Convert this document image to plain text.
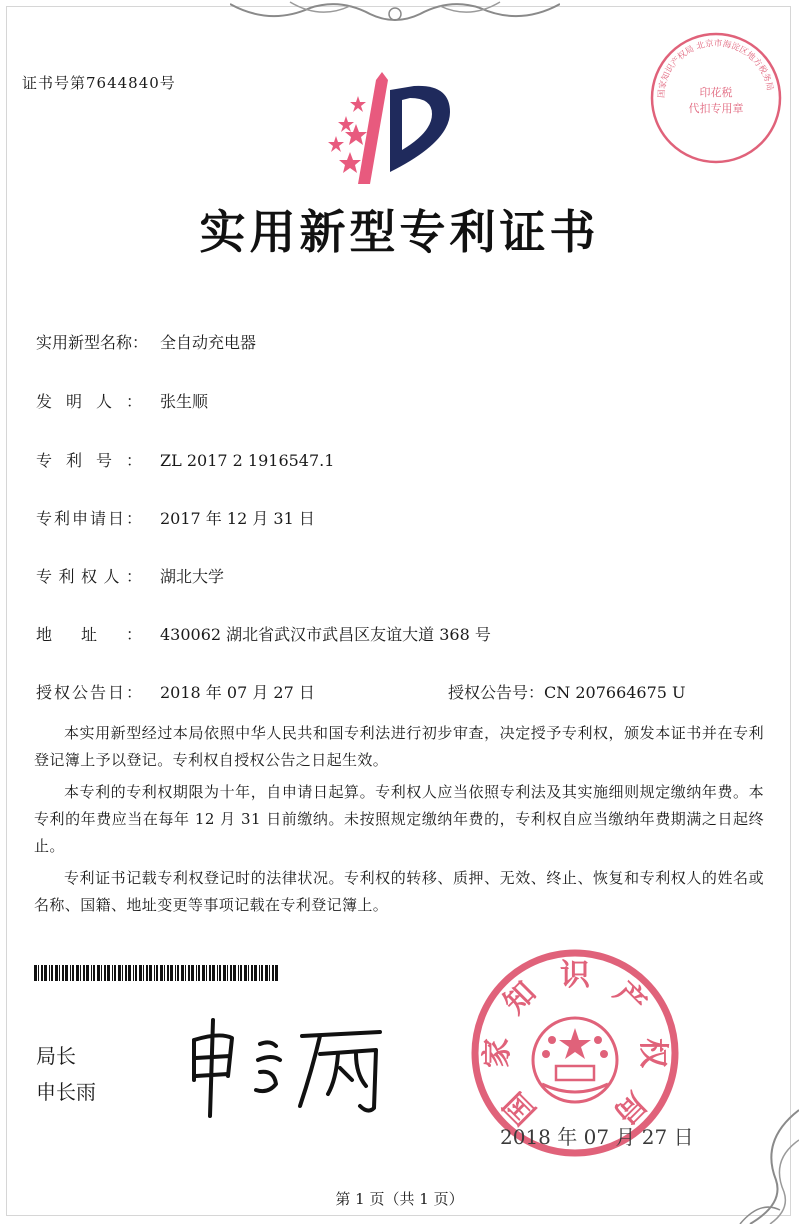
证书号第7644840号
国家知识产权局 北京市海淀区地方税务局
印花税
代扣专用章
实用新型专利证书
实用新型名称： 全自动充电器
发明人： 张生顺
专利号： ZL 2017 2 1916547.1
专利申请日： 2017 年 12 月 31 日
专利权人： 湖北大学
地址： 430062 湖北省武汉市武昌区友谊大道 368 号
授权公告日： 2018 年 07 月 27 日	授权公告号：CN 207664675 U

本实用新型经过本局依照中华人民共和国专利法进行初步审查，决定授予专利权，颁发本证书并在专利登记簿上予以登记。专利权自授权公告之日起生效。

本专利的专利权期限为十年，自申请日起算。专利权人应当依照专利法及其实施细则规定缴纳年费。本专利的年费应当在每年 12 月 31 日前缴纳。未按照规定缴纳年费的，专利权自应当缴纳年费期满之日起终止。

专利证书记载专利权登记时的法律状况。专利权的转移、质押、无效、终止、恢复和专利权人的姓名或名称、国籍、地址变更等事项记载在专利登记簿上。

局长
申长雨	国
家
知 识 产
权
局
2018 年 07 月 27 日
第 1 页（共 1 页）
